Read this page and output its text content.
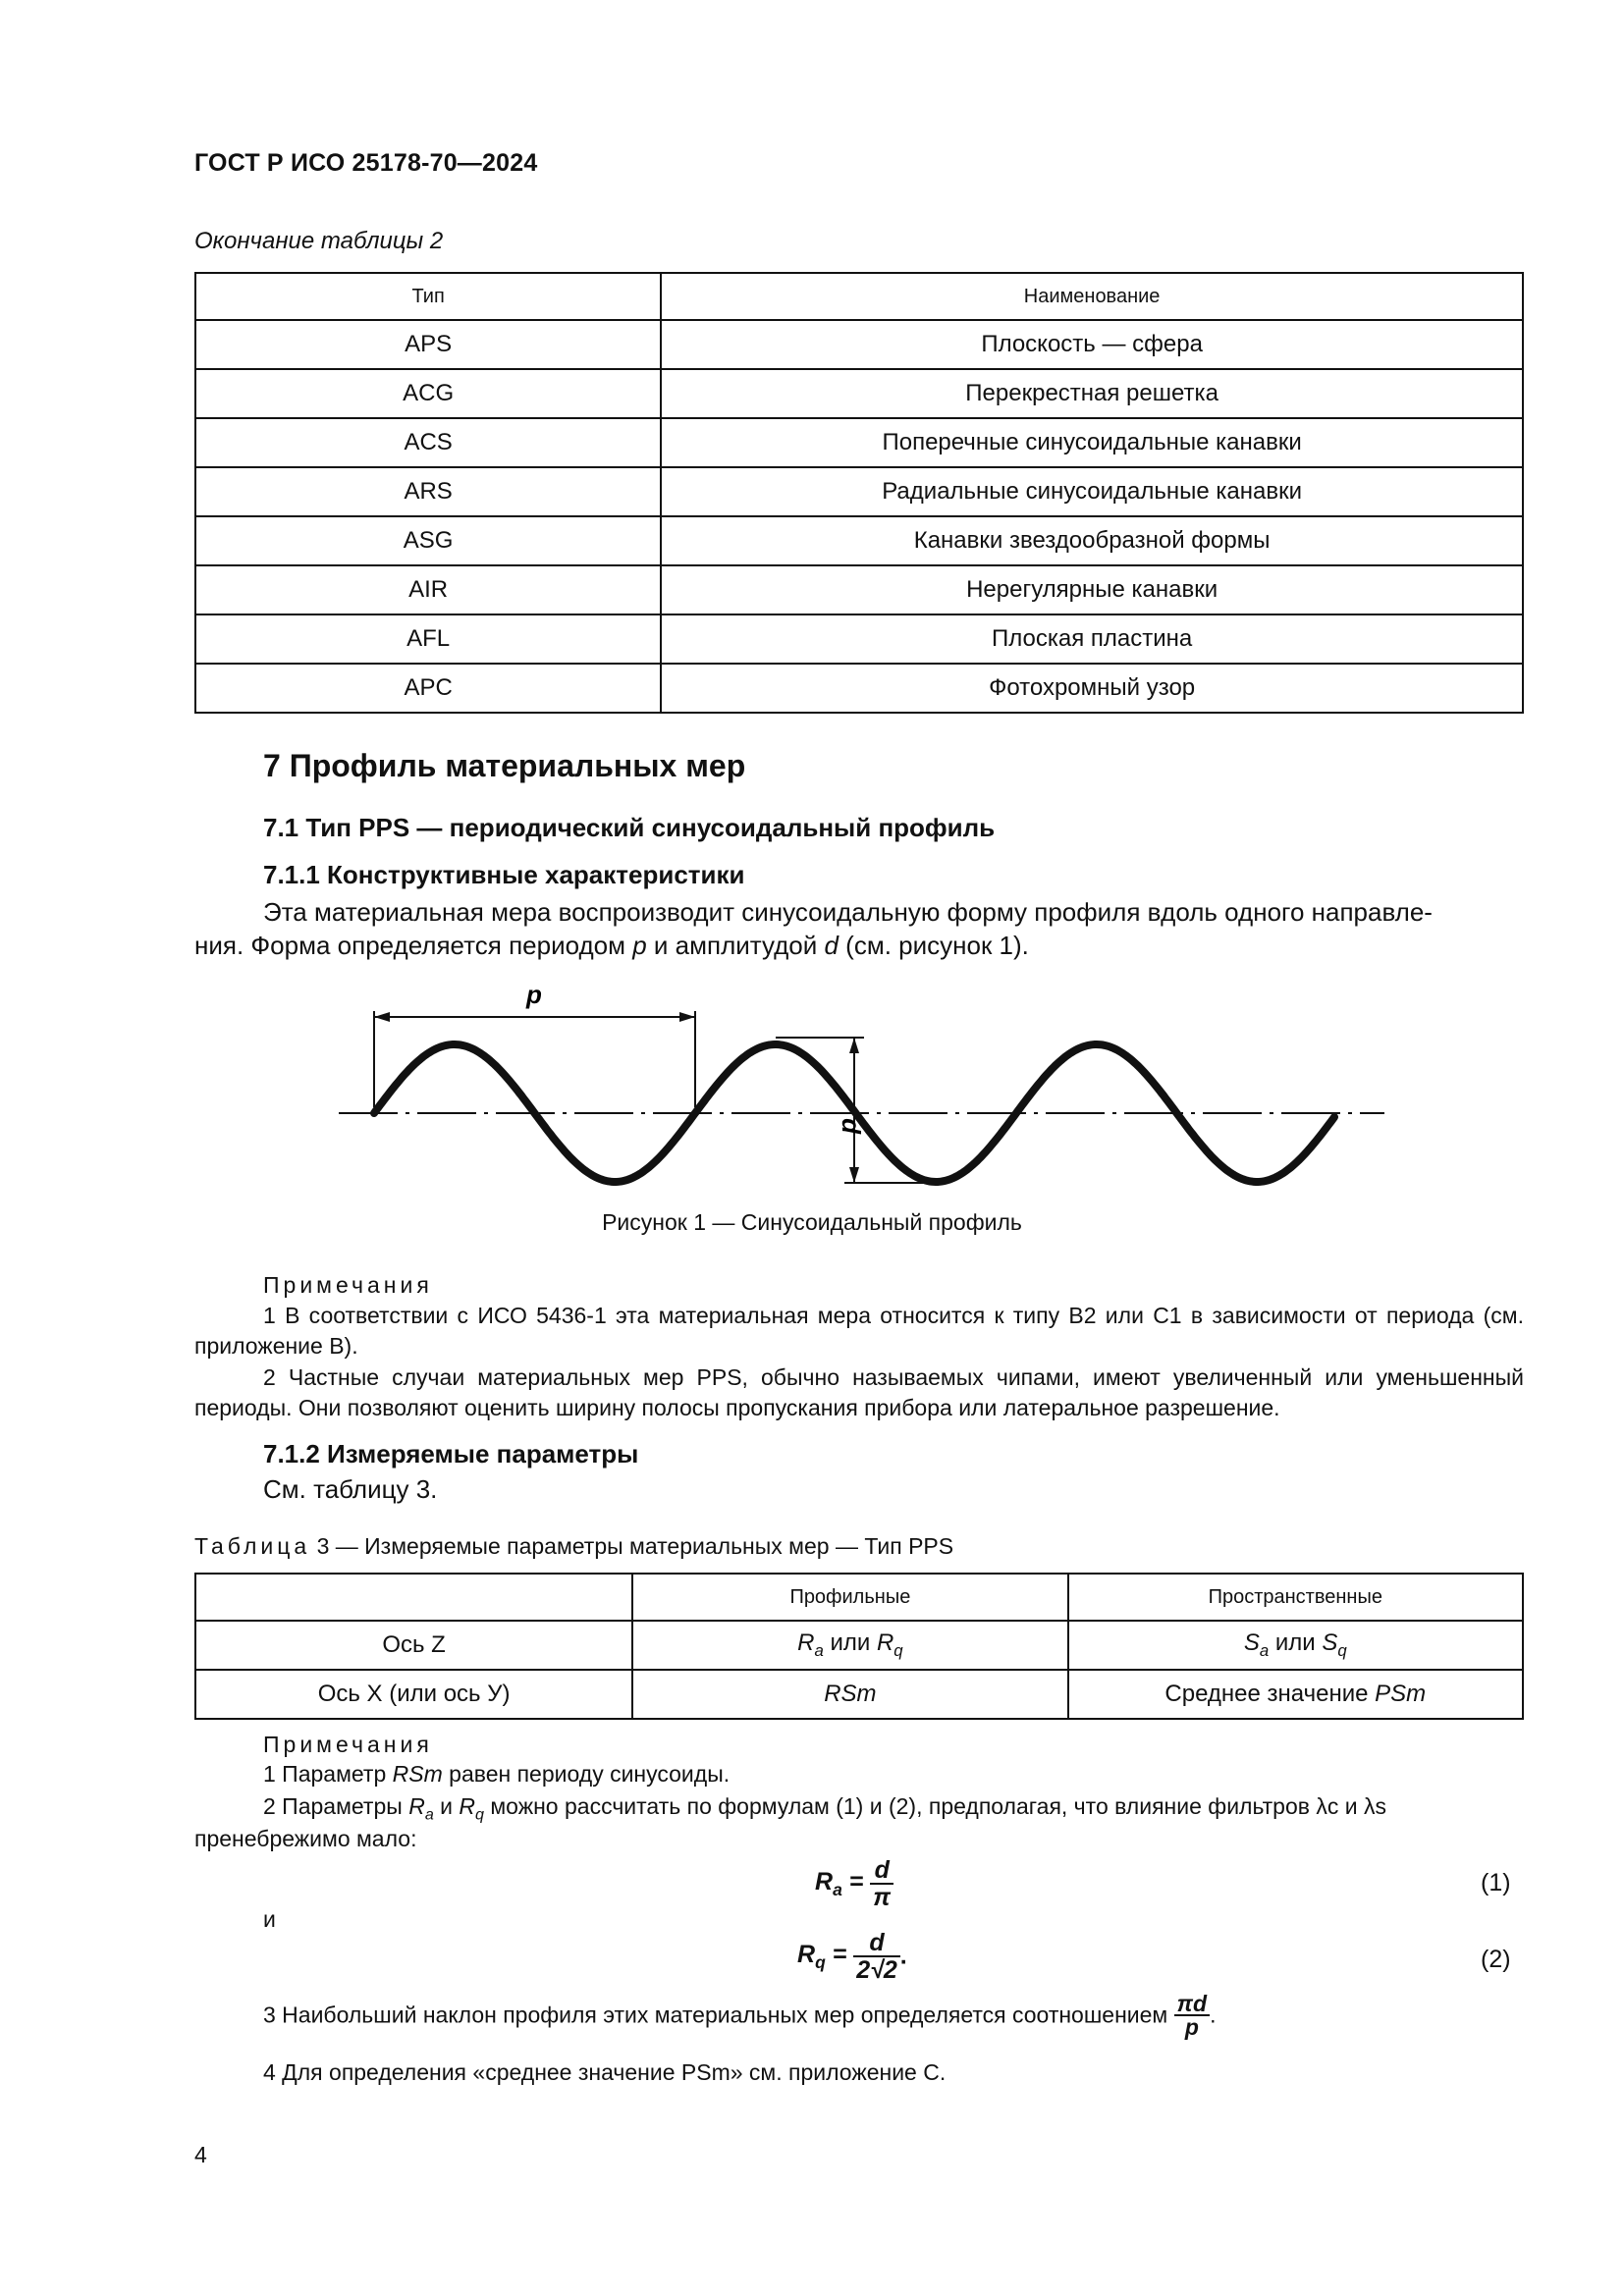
ГОСТ Р ИСО 25178-70—2024
Окончание таблицы 2
Тип	Наименование
APS	Плоскость — сфера
ACG	Перекрестная решетка
ACS	Поперечные синусоидальные канавки
ARS	Радиальные синусоидальные канавки
ASG	Канавки звездообразной формы
AIR	Нерегулярные канавки
AFL	Плоская пластина
APC	Фотохромный узор
7 Профиль материальных мер
7.1 Тип PPS — периодический синусоидальный профиль
7.1.1 Конструктивные характеристики
Эта материальная мера воспроизводит синусоидальную форму профиля вдоль одного направле-
ния. Форма определяется периодом p и амплитудой d (см. рисунок 1).
p
d
Рисунок 1 — Синусоидальный профиль
Примечания
1 В соответствии с ИСО 5436-1 эта материальная мера относится к типу B2 или C1 в зависимости от периода (см. приложение B).
2 Частные случаи материальных мер PPS, обычно называемых чипами, имеют увеличенный или уменьшенный периоды. Они позволяют оценить ширину полосы пропускания прибора или латеральное разрешение.
7.1.2 Измеряемые параметры
См. таблицу 3.
Таблица 3 — Измеряемые параметры материальных мер — Тип PPS
	Профильные	Пространственные
Ось Z	$R_a$ или $R_q$	$S_a$ или $S_q$
Ось X (или ось У)	RSm	Среднее значение PSm
Примечания
1 Параметр RSm равен периоду синусоиды.
2 Параметры $R_a$ и $R_q$ можно рассчитать по формулам (1) и (2), предполагая, что влияние фильтров λc и λs
пренебрежимо мало:
$R_a = \frac{d}{\pi}$	(1)
и
$R_q = \frac{d}{2√2}$ .	(2)
3 Наибольший наклон профиля этих материальных мер определяется соотношением $\frac{\pi d}{p}$ .
4 Для определения «среднее значение PSm» см. приложение С.
4
